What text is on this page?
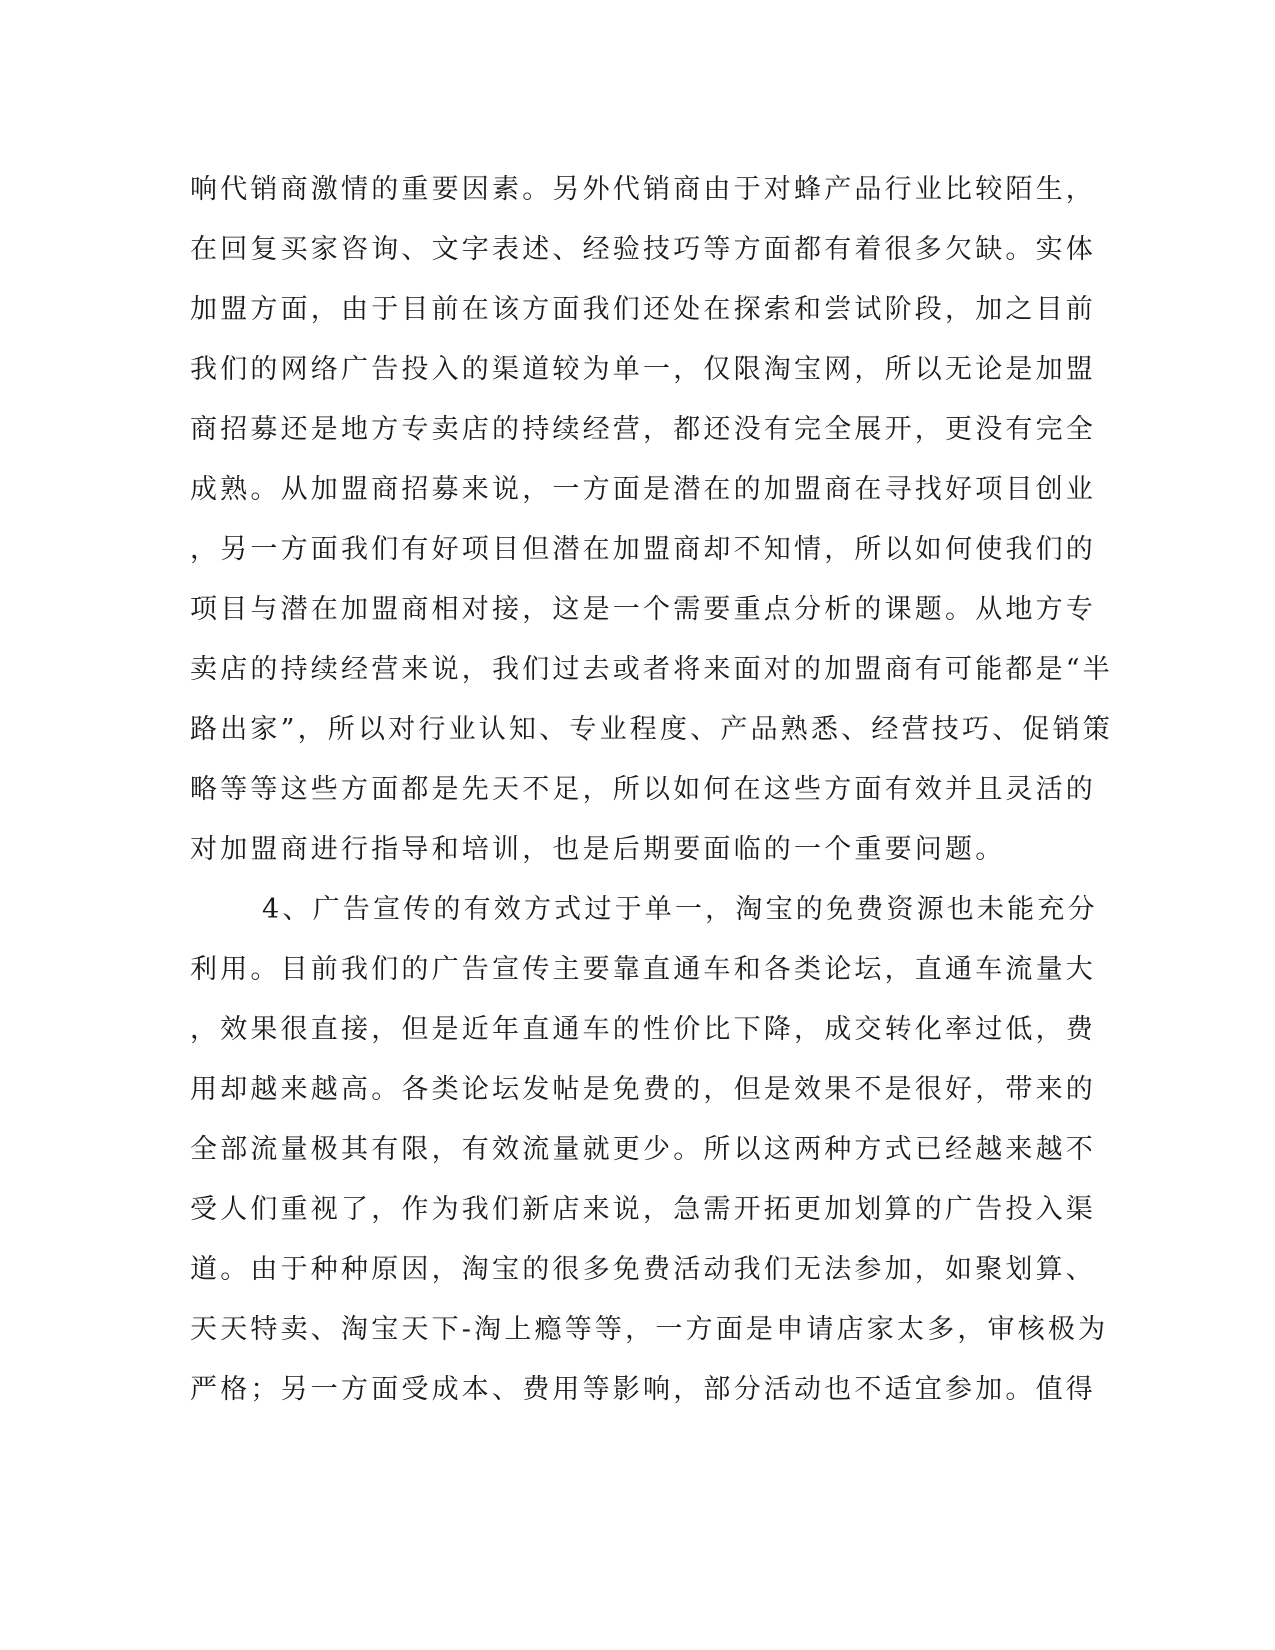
响代销商激情的重要因素。另外代销商由于对蜂产品行业比较陌生，
在回复买家咨询、文字表述、经验技巧等方面都有着很多欠缺。实体
加盟方面，由于目前在该方面我们还处在探索和尝试阶段，加之目前
我们的网络广告投入的渠道较为单一，仅限淘宝网，所以无论是加盟
商招募还是地方专卖店的持续经营，都还没有完全展开，更没有完全
成熟。从加盟商招募来说，一方面是潜在的加盟商在寻找好项目创业
，另一方面我们有好项目但潜在加盟商却不知情，所以如何使我们的
项目与潜在加盟商相对接，这是一个需要重点分析的课题。从地方专
卖店的持续经营来说，我们过去或者将来面对的加盟商有可能都是“半
路出家”，所以对行业认知、专业程度、产品熟悉、经营技巧、促销策
略等等这些方面都是先天不足，所以如何在这些方面有效并且灵活的
对加盟商进行指导和培训，也是后期要面临的一个重要问题。
4、广告宣传的有效方式过于单一，淘宝的免费资源也未能充分
利用。目前我们的广告宣传主要靠直通车和各类论坛，直通车流量大
，效果很直接，但是近年直通车的性价比下降，成交转化率过低，费
用却越来越高。各类论坛发帖是免费的，但是效果不是很好，带来的
全部流量极其有限，有效流量就更少。所以这两种方式已经越来越不
受人们重视了，作为我们新店来说，急需开拓更加划算的广告投入渠
道。由于种种原因，淘宝的很多免费活动我们无法参加，如聚划算、
天天特卖、淘宝天下-淘上瘾等等，一方面是申请店家太多，审核极为
严格；另一方面受成本、费用等影响，部分活动也不适宜参加。值得
